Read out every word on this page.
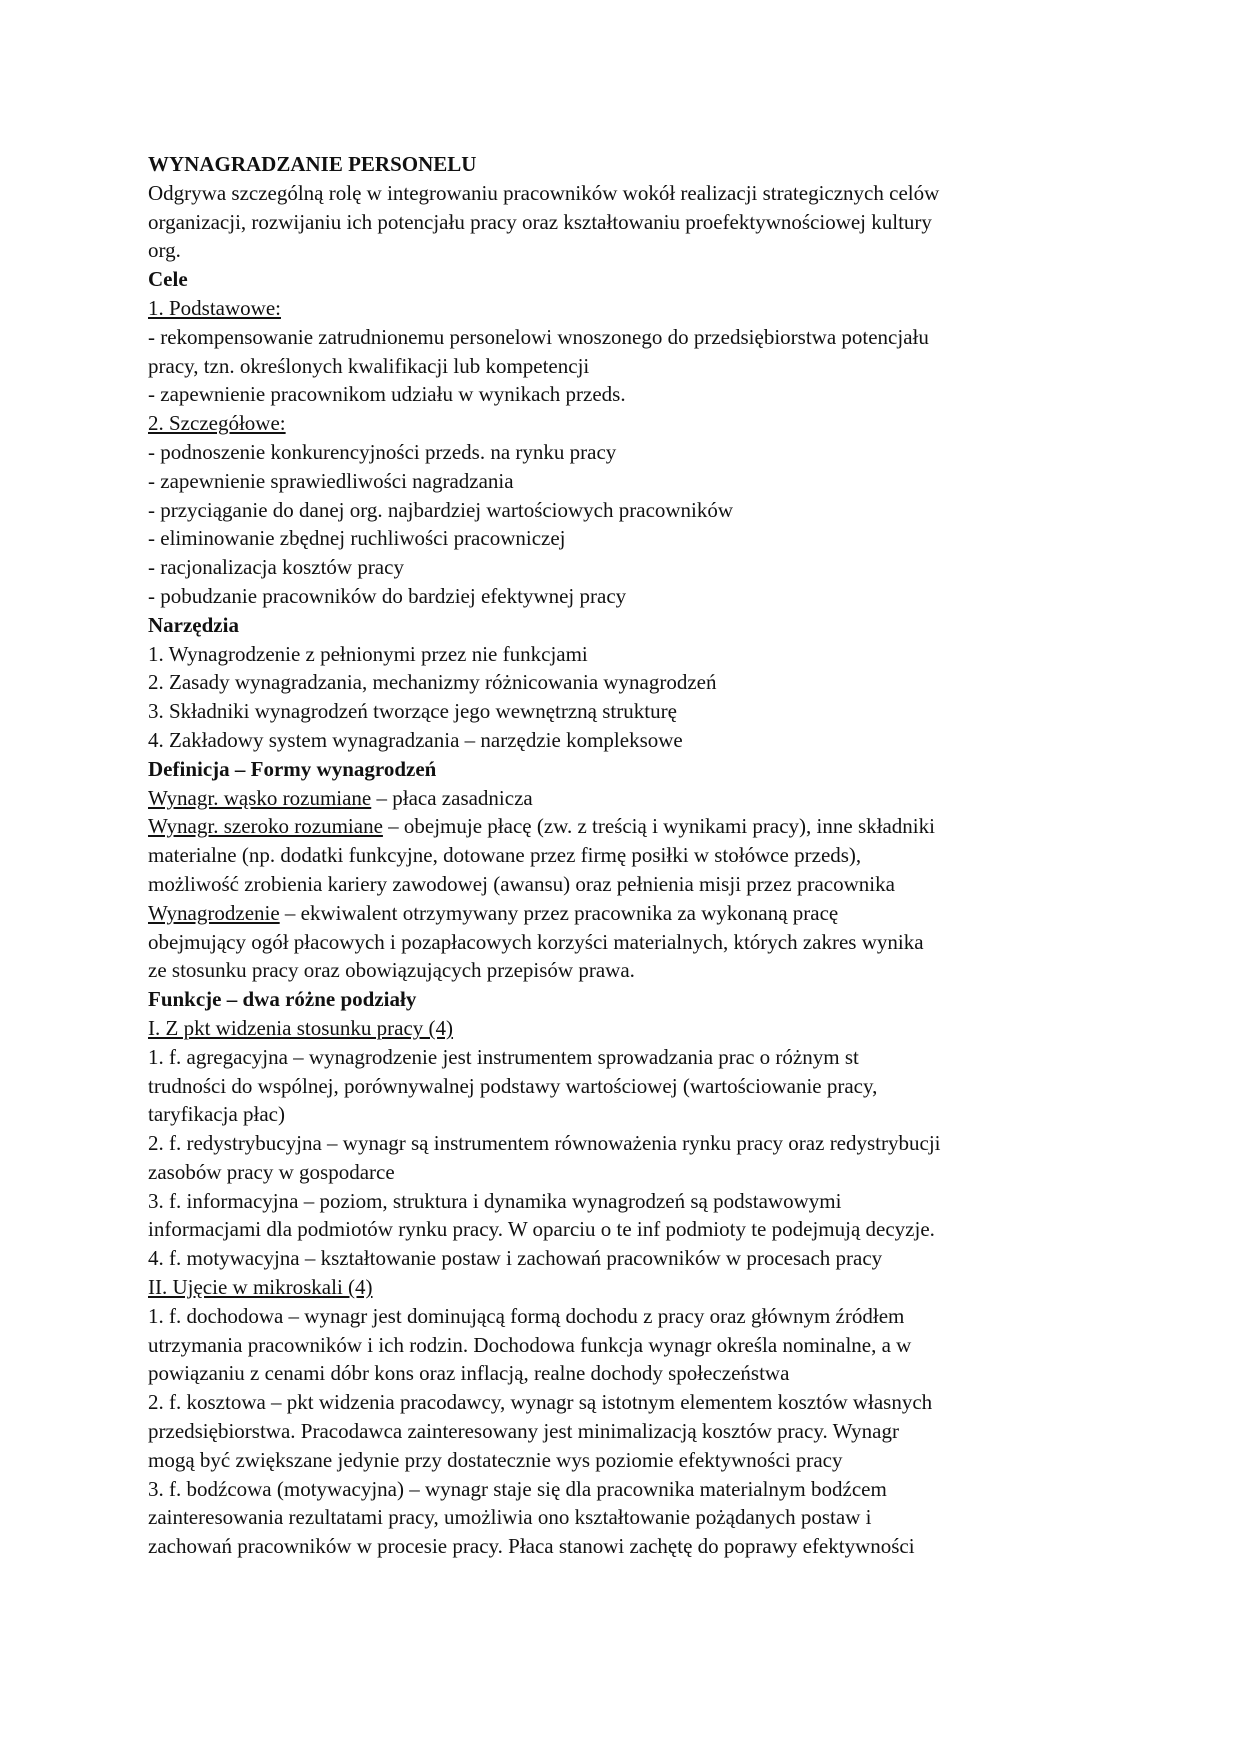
WYNAGRADZANIE PERSONELU
Odgrywa szczególną rolę w integrowaniu pracowników wokół realizacji strategicznych celów
organizacji, rozwijaniu ich potencjału pracy oraz kształtowaniu proefektywnościowej kultury
org.
Cele
1. Podstawowe:
- rekompensowanie zatrudnionemu personelowi wnoszonego do przedsiębiorstwa potencjału
pracy, tzn. określonych kwalifikacji lub kompetencji
- zapewnienie pracownikom udziału w wynikach przeds.
2. Szczegółowe:
- podnoszenie konkurencyjności przeds. na rynku pracy
- zapewnienie sprawiedliwości nagradzania
- przyciąganie do danej org. najbardziej wartościowych pracowników
- eliminowanie zbędnej ruchliwości pracowniczej
- racjonalizacja kosztów pracy
- pobudzanie pracowników do bardziej efektywnej pracy
Narzędzia
1. Wynagrodzenie z pełnionymi przez nie funkcjami
2. Zasady wynagradzania, mechanizmy różnicowania wynagrodzeń
3. Składniki wynagrodzeń tworzące jego wewnętrzną strukturę
4. Zakładowy system wynagradzania – narzędzie kompleksowe
Definicja – Formy wynagrodzeń
Wynagr. wąsko rozumiane – płaca zasadnicza
Wynagr. szeroko rozumiane – obejmuje płacę (zw. z treścią i wynikami pracy), inne składniki
materialne (np. dodatki funkcyjne, dotowane przez firmę posiłki w stołówce przeds),
możliwość zrobienia kariery zawodowej (awansu) oraz pełnienia misji przez pracownika
Wynagrodzenie – ekwiwalent otrzymywany przez pracownika za wykonaną pracę
obejmujący ogół płacowych i pozapłacowych korzyści materialnych, których zakres wynika
ze stosunku pracy oraz obowiązujących przepisów prawa.
Funkcje – dwa różne podziały
I. Z pkt widzenia stosunku pracy (4)
1. f. agregacyjna – wynagrodzenie jest instrumentem sprowadzania prac o różnym st
trudności do wspólnej, porównywalnej podstawy wartościowej (wartościowanie pracy,
taryfikacja płac)
2. f. redystrybucyjna – wynagr są instrumentem równoważenia rynku pracy oraz redystrybucji
zasobów pracy w gospodarce
3. f. informacyjna – poziom, struktura i dynamika wynagrodzeń są podstawowymi
informacjami dla podmiotów rynku pracy. W oparciu o te inf podmioty te podejmują decyzje.
4. f. motywacyjna – kształtowanie postaw i zachowań pracowników w procesach pracy
II. Ujęcie w mikroskali (4)
1. f. dochodowa – wynagr jest dominującą formą dochodu z pracy oraz głównym źródłem
utrzymania pracowników i ich rodzin. Dochodowa funkcja wynagr określa nominalne, a w
powiązaniu z cenami dóbr kons oraz inflacją, realne dochody społeczeństwa
2. f. kosztowa – pkt widzenia pracodawcy, wynagr są istotnym elementem kosztów własnych
przedsiębiorstwa. Pracodawca zainteresowany jest minimalizacją kosztów pracy. Wynagr
mogą być zwiększane jedynie przy dostatecznie wys poziomie efektywności pracy
3. f. bodźcowa (motywacyjna) – wynagr staje się dla pracownika materialnym bodźcem
zainteresowania rezultatami pracy, umożliwia ono kształtowanie pożądanych postaw i
zachowań pracowników w procesie pracy. Płaca stanowi zachętę do poprawy efektywności
